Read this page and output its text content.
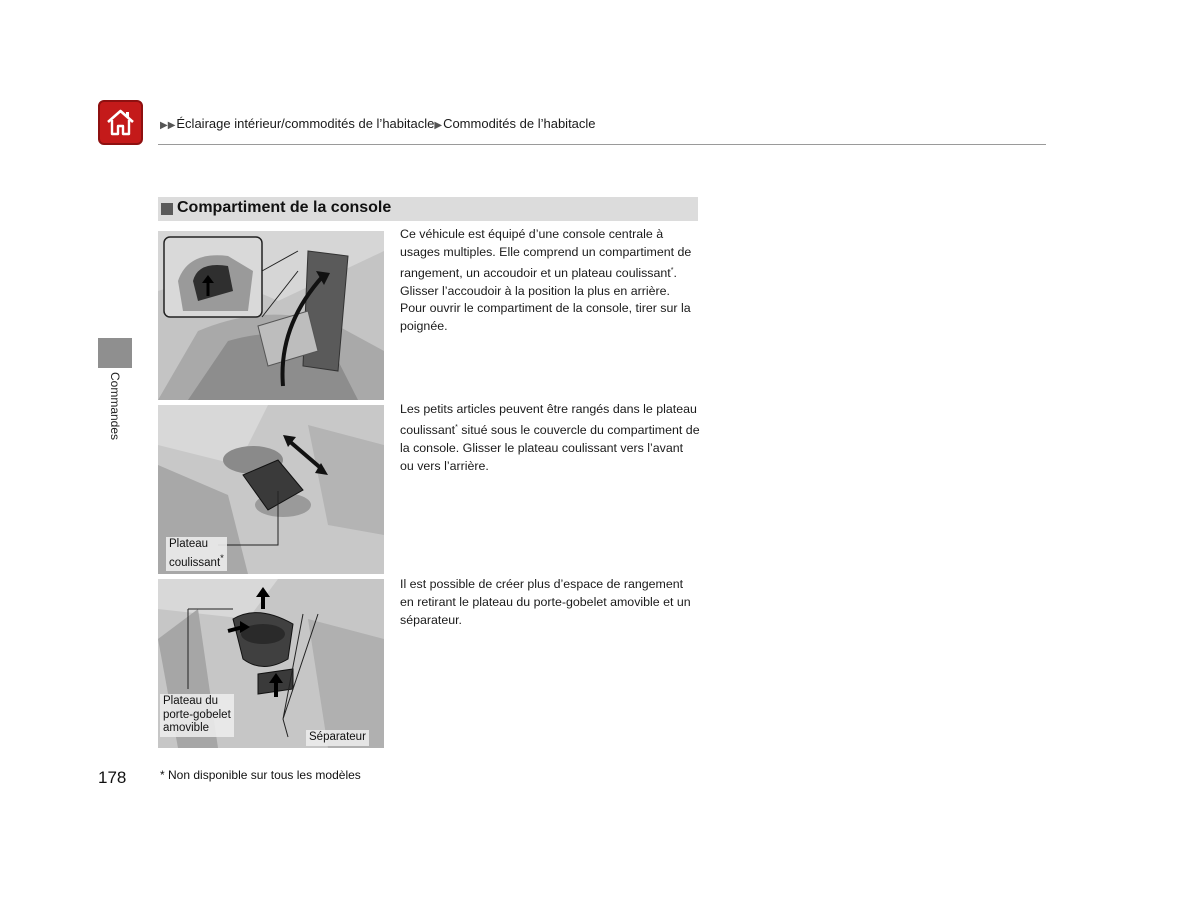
▶▶Éclairage intérieur/commodités de l’habitacle▶Commodités de l’habitacle
Commandes
Compartiment de la console
Plateau
coulissant*
Plateau du
porte-gobelet
amovible
Séparateur
Ce véhicule est équipé d’une console centrale à usages multiples. Elle comprend un compartiment de rangement, un accoudoir et un plateau coulissant*.
Glisser l’accoudoir à la position la plus en arrière.
Pour ouvrir le compartiment de la console, tirer sur la poignée.
Les petits articles peuvent être rangés dans le plateau coulissant* situé sous le couvercle du compartiment de la console. Glisser le plateau coulissant vers l’avant ou vers l’arrière.
Il est possible de créer plus d’espace de rangement en retirant le plateau du porte-gobelet amovible et un séparateur.
178	* Non disponible sur tous les modèles
